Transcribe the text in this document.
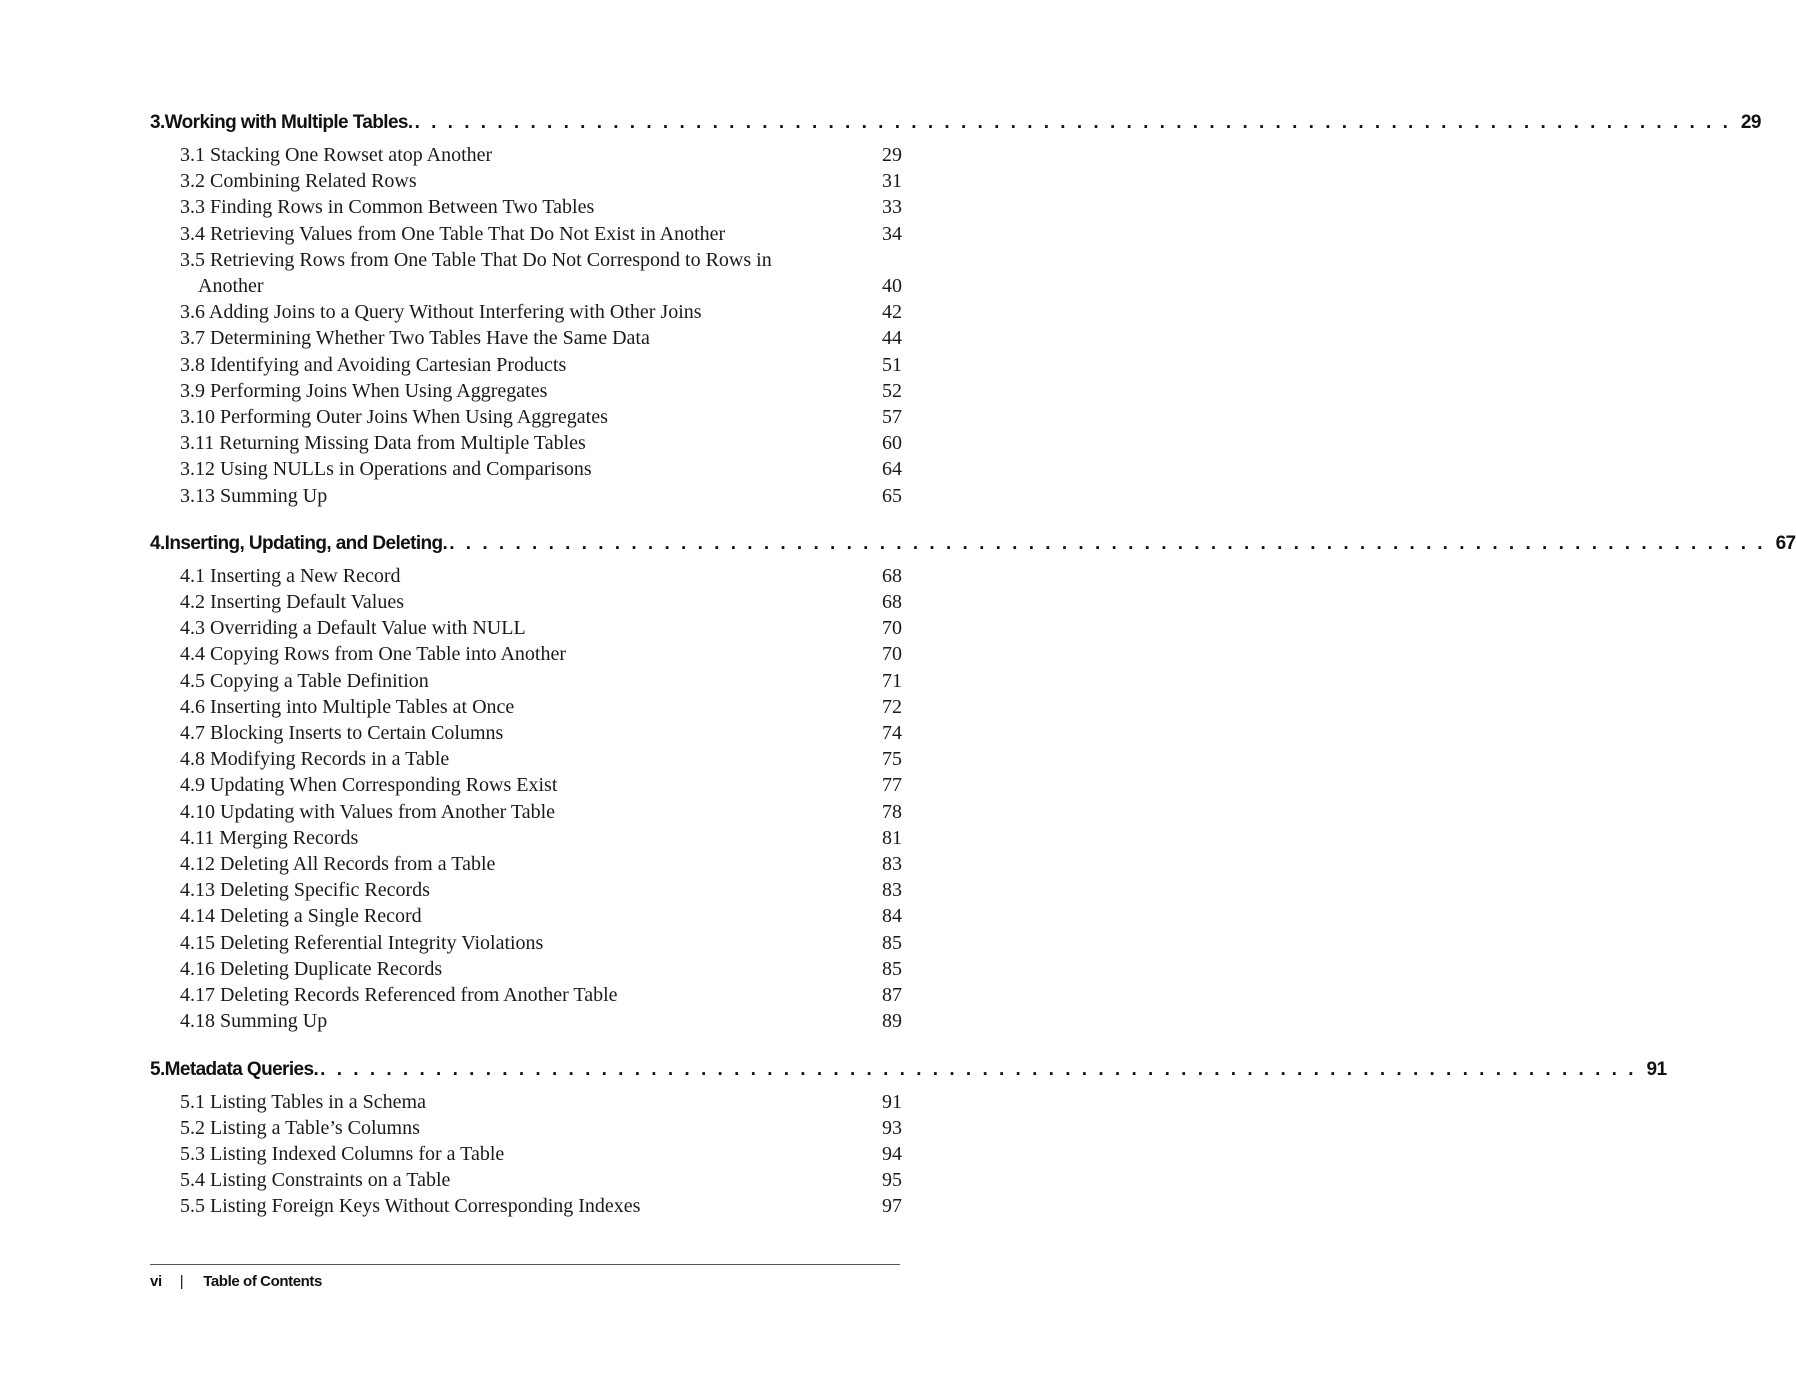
3. Working with Multiple Tables. . . . . . . . . . . . . . . . . . . . . . . . . . . . . . . . . . . . . . . . . . . . . . . . . . . . . . . . . . . . . . . . . . . . . . . . . . . . . . . . . 29
3.1 Stacking One Rowset atop Another	29
3.2 Combining Related Rows	31
3.3 Finding Rows in Common Between Two Tables	33
3.4 Retrieving Values from One Table That Do Not Exist in Another	34
3.5 Retrieving Rows from One Table That Do Not Correspond to Rows in Another	40
3.6 Adding Joins to a Query Without Interfering with Other Joins	42
3.7 Determining Whether Two Tables Have the Same Data	44
3.8 Identifying and Avoiding Cartesian Products	51
3.9 Performing Joins When Using Aggregates	52
3.10 Performing Outer Joins When Using Aggregates	57
3.11 Returning Missing Data from Multiple Tables	60
3.12 Using NULLs in Operations and Comparisons	64
3.13 Summing Up	65
4. Inserting, Updating, and Deleting. . . . . . . . . . . . . . . . . . . . . . . . . . . . . . . . . . . . . . . . . . . . . . . . . . . . . . . . . . . . . . . . . . . . . . . . . . . . . . . . . 67
4.1 Inserting a New Record	68
4.2 Inserting Default Values	68
4.3 Overriding a Default Value with NULL	70
4.4 Copying Rows from One Table into Another	70
4.5 Copying a Table Definition	71
4.6 Inserting into Multiple Tables at Once	72
4.7 Blocking Inserts to Certain Columns	74
4.8 Modifying Records in a Table	75
4.9 Updating When Corresponding Rows Exist	77
4.10 Updating with Values from Another Table	78
4.11 Merging Records	81
4.12 Deleting All Records from a Table	83
4.13 Deleting Specific Records	83
4.14 Deleting a Single Record	84
4.15 Deleting Referential Integrity Violations	85
4.16 Deleting Duplicate Records	85
4.17 Deleting Records Referenced from Another Table	87
4.18 Summing Up	89
5. Metadata Queries. . . . . . . . . . . . . . . . . . . . . . . . . . . . . . . . . . . . . . . . . . . . . . . . . . . . . . . . . . . . . . . . . . . . . . . . . . . . . . . . . 91
5.1 Listing Tables in a Schema	91
5.2 Listing a Table’s Columns	93
5.3 Listing Indexed Columns for a Table	94
5.4 Listing Constraints on a Table	95
5.5 Listing Foreign Keys Without Corresponding Indexes	97
vi | Table of Contents
